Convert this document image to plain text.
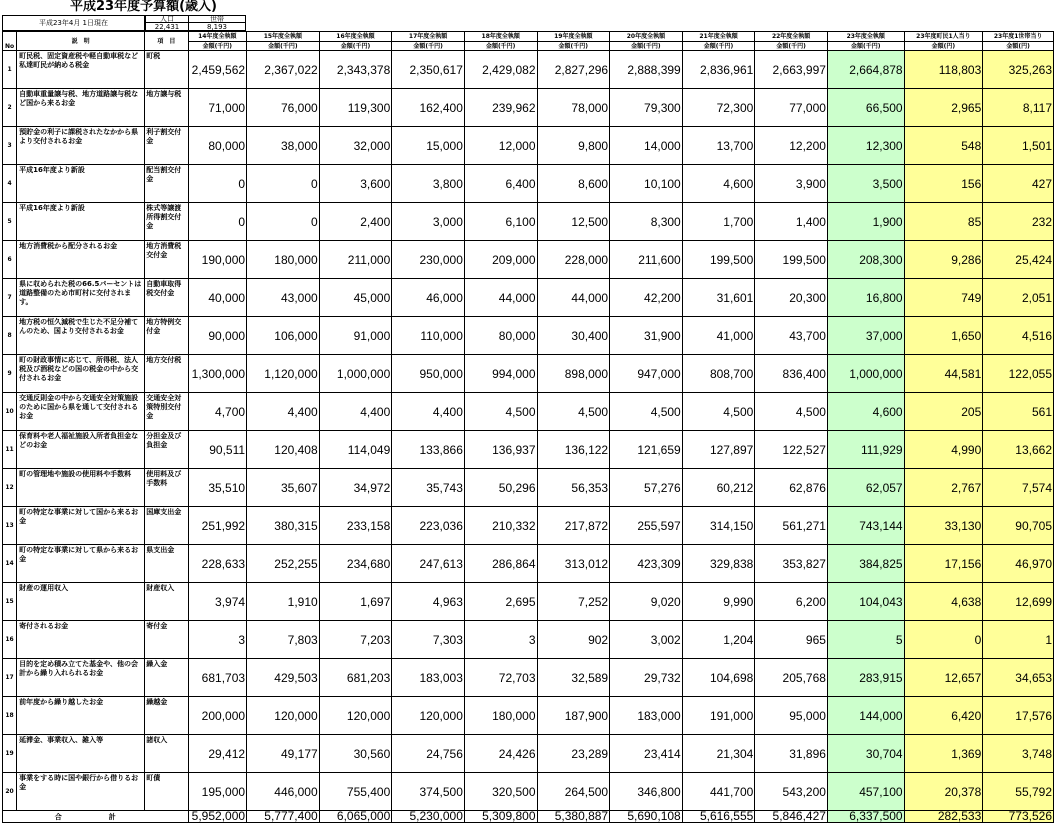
平成23年度予算額(歳入)
平成23年4月 1日現在	人口	世帯
22,431	8,193
No	説　明	項　目	14年度全執額	15年度全執額	16年度全執額	17年度全執額	18年度全執額	19年度全執額	20年度全執額	21年度全執額	22年度全執額	23年度全執額	23年度町民1人当り	23年度1世帯当り
			金額(千円)	金額(千円)	金額(千円)	金額(千円)	金額(千円)	金額(千円)	金額(千円)	金額(千円)	金額(千円)	金額(千円)	金額(円)	金額(円)
1	町民税、固定資産税や軽自動車税など私達町民が納める税金	町税	2,459,562	2,367,022	2,343,378	2,350,617	2,429,082	2,827,296	2,888,399	2,836,961	2,663,997	2,664,878	118,803	325,263
2	自動車重量譲与税、地方道路譲与税など国から来るお金	地方譲与税	71,000	76,000	119,300	162,400	239,962	78,000	79,300	72,300	77,000	66,500	2,965	8,117
3	預貯金の利子に課税されたなかから県より交付されるお金	利子割交付金	80,000	38,000	32,000	15,000	12,000	9,800	14,000	13,700	12,200	12,300	548	1,501
4	平成16年度より新設	配当割交付金	0	0	3,600	3,800	6,400	8,600	10,100	4,600	3,900	3,500	156	427
5	平成16年度より新設	株式等譲渡所得割交付金	0	0	2,400	3,000	6,100	12,500	8,300	1,700	1,400	1,900	85	232
6	地方消費税から配分されるお金	地方消費税交付金	190,000	180,000	211,000	230,000	209,000	228,000	211,600	199,500	199,500	208,300	9,286	25,424
7	県に収められた税の66.5パーセントは道路整備のため市町村に交付されます。	自動車取得税交付金	40,000	43,000	45,000	46,000	44,000	44,000	42,200	31,601	20,300	16,800	749	2,051
8	地方税の恒久減税で生じた不足分補てんのため、国より交付されるお金	地方特例交付金	90,000	106,000	91,000	110,000	80,000	30,400	31,900	41,000	43,700	37,000	1,650	4,516
9	町の財政事情に応じて、所得税、法人税及び酒税などの国の税金の中から交付されるお金	地方交付税	1,300,000	1,120,000	1,000,000	950,000	994,000	898,000	947,000	808,700	836,400	1,000,000	44,581	122,055
10	交通反則金の中から交通安全対策施設のために国から県を通して交付されるお金	交通安全対策特別交付金	4,700	4,400	4,400	4,400	4,500	4,500	4,500	4,500	4,500	4,600	205	561
11	保育料や老人福祉施設入所者負担金などのお金	分担金及び負担金	90,511	120,408	114,049	133,866	136,937	136,122	121,659	127,897	122,527	111,929	4,990	13,662
12	町の管理地や施設の使用料や手数料	使用料及び手数料	35,510	35,607	34,972	35,743	50,296	56,353	57,276	60,212	62,876	62,057	2,767	7,574
13	町の特定な事業に対して国から来るお金	国庫支出金	251,992	380,315	233,158	223,036	210,332	217,872	255,597	314,150	561,271	743,144	33,130	90,705
14	町の特定な事業に対して県から来るお金	県支出金	228,633	252,255	234,680	247,613	286,864	313,012	423,309	329,838	353,827	384,825	17,156	46,970
15	財産の運用収入	財産収入	3,974	1,910	1,697	4,963	2,695	7,252	9,020	9,990	6,200	104,043	4,638	12,699
16	寄付されるお金	寄付金	3	7,803	7,203	7,303	3	902	3,002	1,204	965	5	0	1
17	目的を定め積み立てた基金や、他の会計から繰り入れられるお金	繰入金	681,703	429,503	681,203	183,003	72,703	32,589	29,732	104,698	205,768	283,915	12,657	34,653
18	前年度から繰り越したお金	繰越金	200,000	120,000	120,000	120,000	180,000	187,900	183,000	191,000	95,000	144,000	6,420	17,576
19	延滞金、事業収入、雑入等	諸収入	29,412	49,177	30,560	24,756	24,426	23,289	23,414	21,304	31,896	30,704	1,369	3,748
20	事業をする時に国や銀行から借りるお金	町債	195,000	446,000	755,400	374,500	320,500	264,500	346,800	441,700	543,200	457,100	20,378	55,792
合　計			5,952,000	5,777,400	6,065,000	5,230,000	5,309,800	5,380,887	5,690,108	5,616,555	5,846,427	6,337,500	282,533	773,526
